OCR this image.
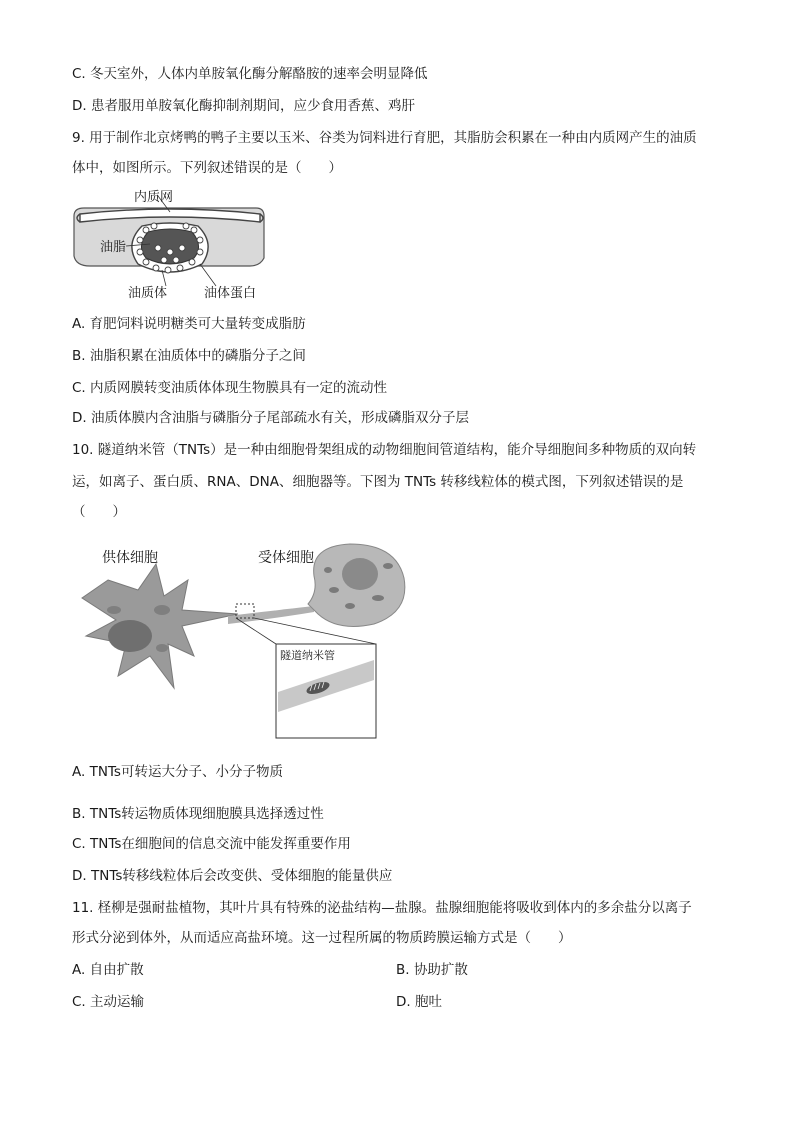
C. 冬天室外，人体内单胺氧化酶分解酪胺的速率会明显降低
D. 患者服用单胺氧化酶抑制剂期间，应少食用香蕉、鸡肝
9. 用于制作北京烤鸭的鸭子主要以玉米、谷类为饲料进行育肥，其脂肪会积累在一种由内质网产生的油质
体中，如图所示。下列叙述错误的是（　　）
内质网
油脂
油质体	油体蛋白
A. 育肥饲料说明糖类可大量转变成脂肪
B. 油脂积累在油质体中的磷脂分子之间
C. 内质网膜转变油质体体现生物膜具有一定的流动性
D. 油质体膜内含油脂与磷脂分子尾部疏水有关，形成磷脂双分子层
10. 隧道纳米管（TNTs）是一种由细胞骨架组成的动物细胞间管道结构，能介导细胞间多种物质的双向转
运，如离子、蛋白质、RNA、DNA、细胞器等。下图为 TNTs 转移线粒体的模式图，下列叙述错误的是
（　　）
供体细胞	受体细胞
隧道纳米管
A. TNTs可转运大分子、小分子物质
B. TNTs转运物质体现细胞膜具选择透过性
C. TNTs在细胞间的信息交流中能发挥重要作用
D. TNTs转移线粒体后会改变供、受体细胞的能量供应
11. 柽柳是强耐盐植物，其叶片具有特殊的泌盐结构—盐腺。盐腺细胞能将吸收到体内的多余盐分以离子
形式分泌到体外，从而适应高盐环境。这一过程所属的物质跨膜运输方式是（　　）
A. 自由扩散	B. 协助扩散
C. 主动运输	D. 胞吐
